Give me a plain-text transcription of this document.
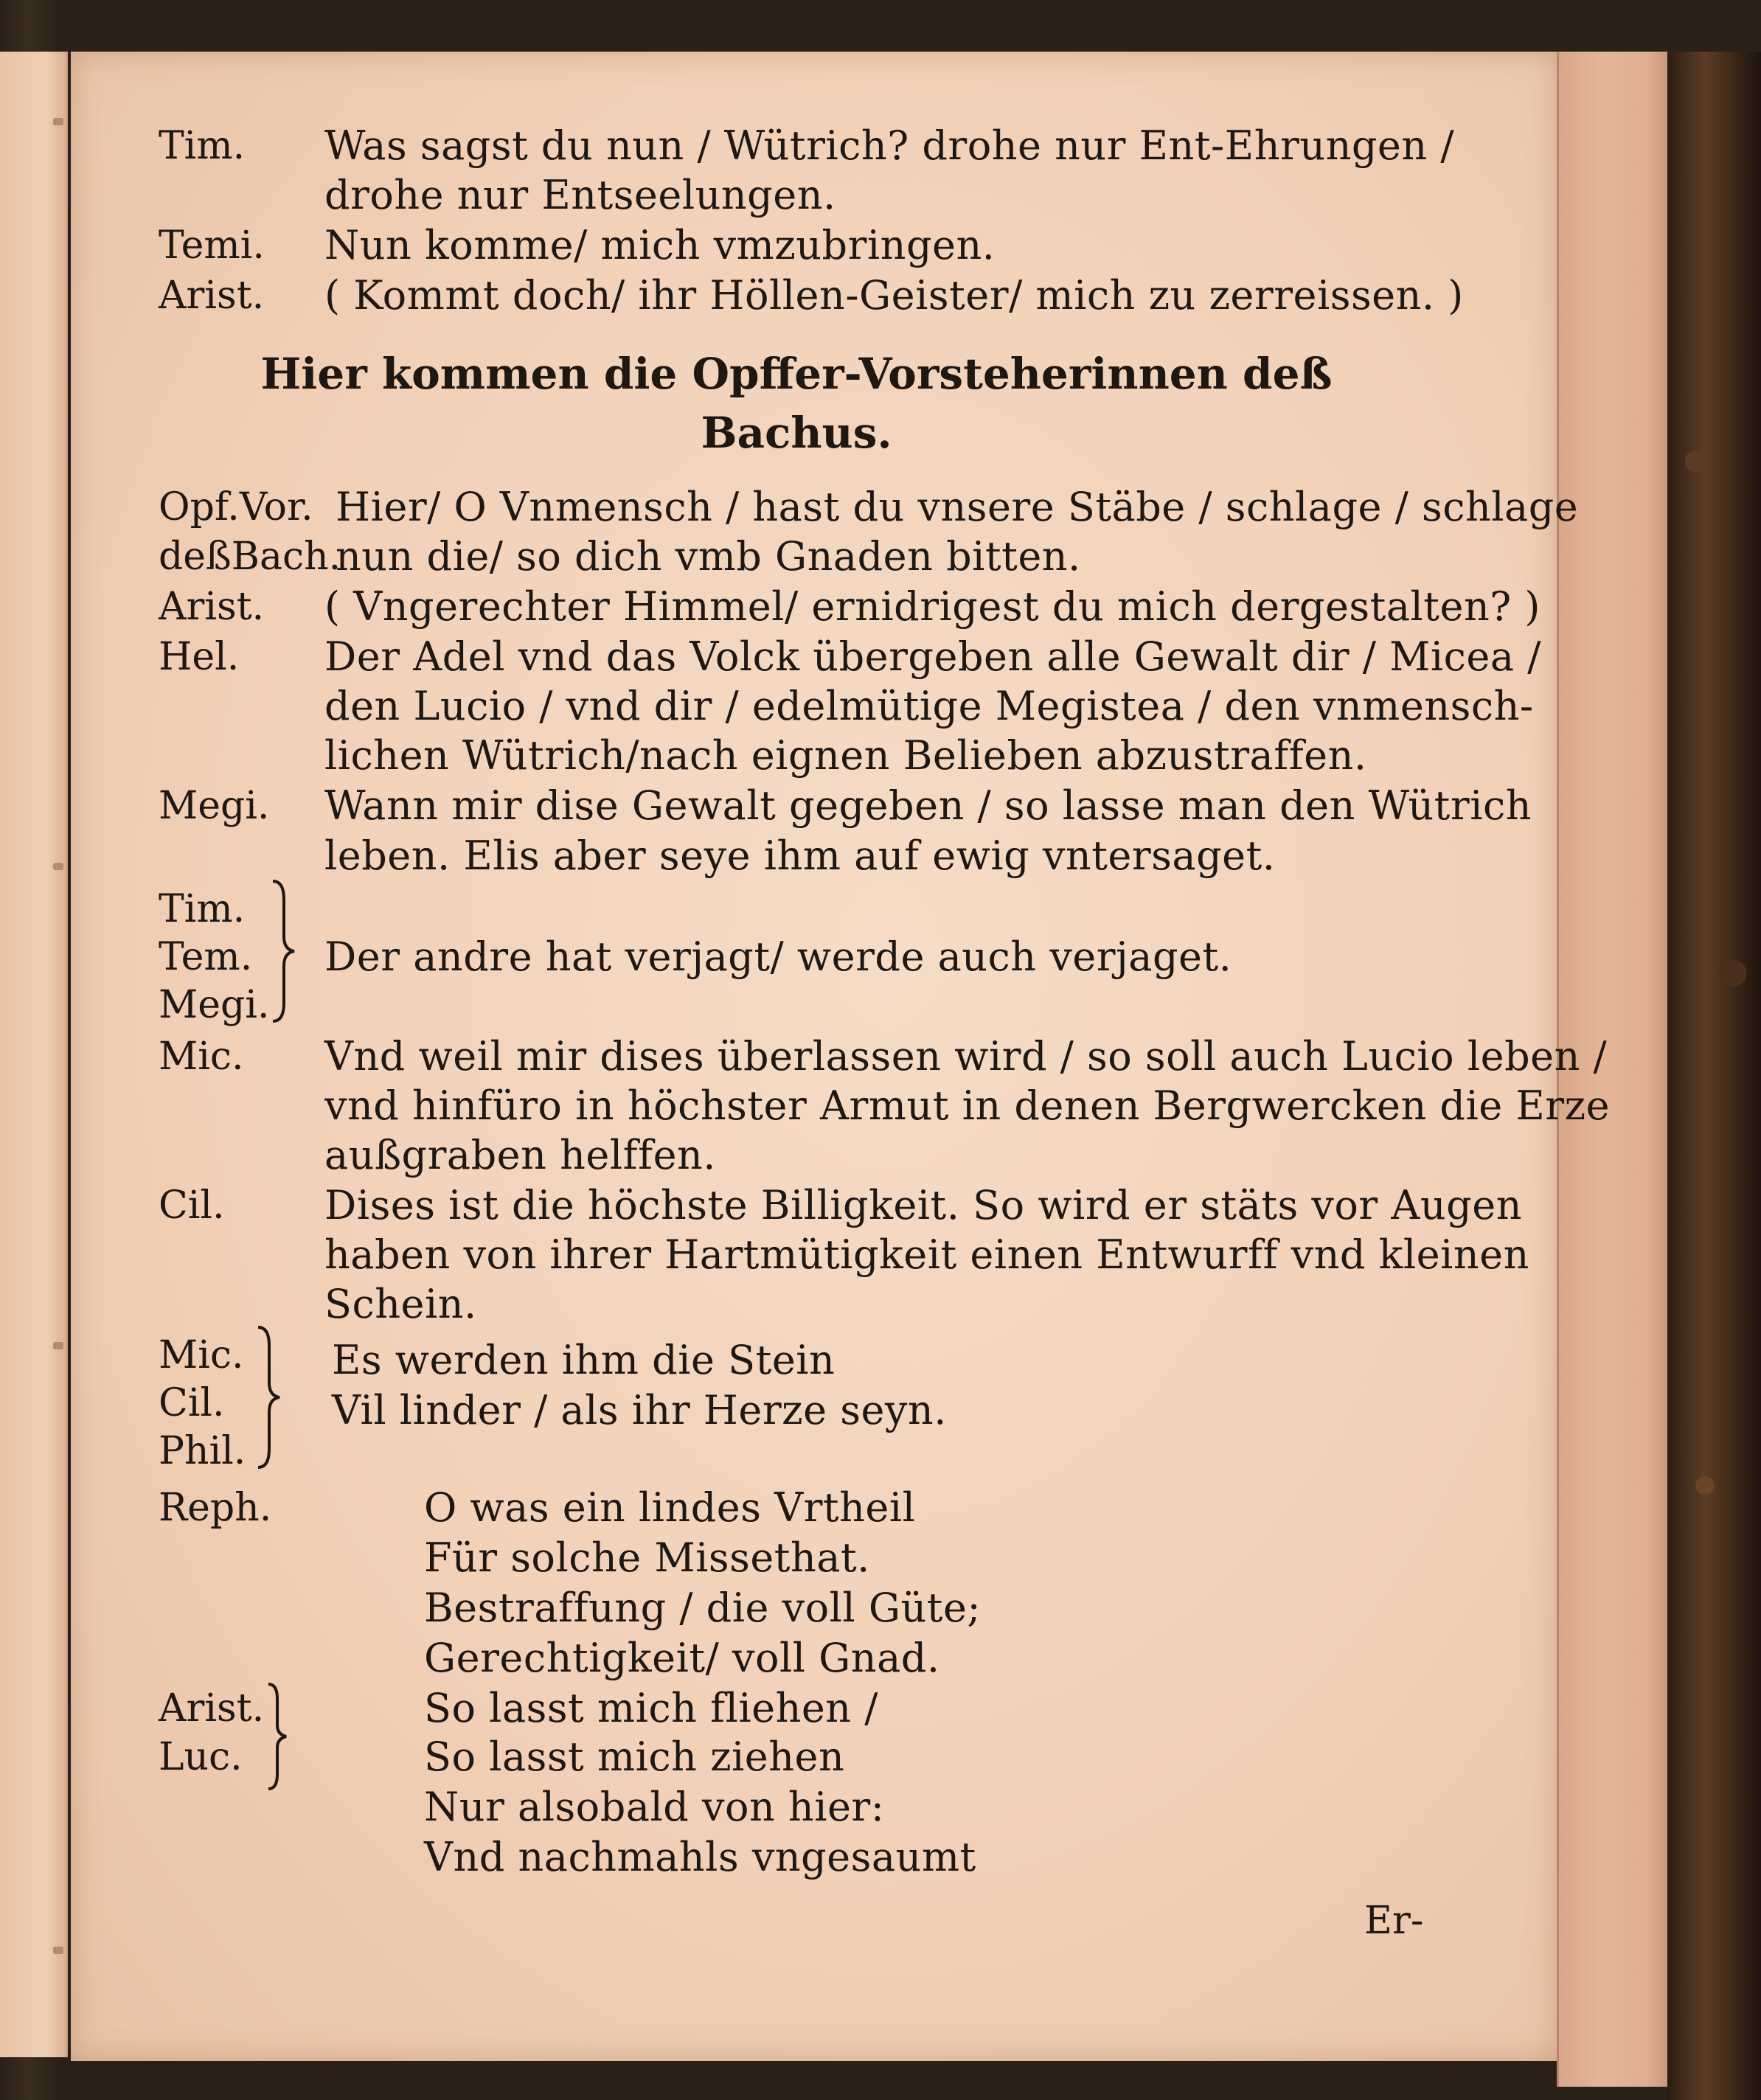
Tim. Was sagst du nun / Wütrich? drohe nur Ent-Ehrungen /
drohe nur Entseelungen.
Temi. Nun komme/ mich vmzubringen.
Arist. ( Kommt doch/ ihr Höllen-Geister/ mich zu zerreissen. )
Hier kommen die Opffer-Vorsteherinnen deß
Bachus.
Opf.Vor. Hier/ O Vnmensch / hast du vnsere Stäbe / schlage / schlage
deßBach.
nun die/ so dich vmb Gnaden bitten.
Arist. ( Vngerechter Himmel/ ernidrigest du mich dergestalten? )
Hel. Der Adel vnd das Volck übergeben alle Gewalt dir / Micea /
den Lucio / vnd dir / edelmütige Megistea / den vnmensch-
lichen Wütrich/nach eignen Belieben abzustraffen.
Megi. Wann mir dise Gewalt gegeben / so lasse man den Wütrich
leben. Elis aber seye ihm auf ewig vntersaget.
Tim.
Tem.
Megi.
Der andre hat verjagt/ werde auch verjaget.
Mic. Vnd weil mir dises überlassen wird / so soll auch Lucio leben /
vnd hinfüro in höchster Armut in denen Bergwercken die Erze
außgraben helffen.
Cil.	Dises ist die höchste Billigkeit. So wird er stäts vor Augen
haben von ihrer Hartmütigkeit einen Entwurff vnd kleinen
Schein.
Mic.
Cil.
Phil.
Es werden ihm die Stein
Vil linder / als ihr Herze seyn.
Reph.	O was ein lindes Vrtheil
Für solche Missethat.
Bestraffung / die voll Güte;
Gerechtigkeit/ voll Gnad.
Arist.
Luc.
So lasst mich fliehen /
So lasst mich ziehen
Nur alsobald von hier:
Vnd nachmahls vngesaumt
Er-
